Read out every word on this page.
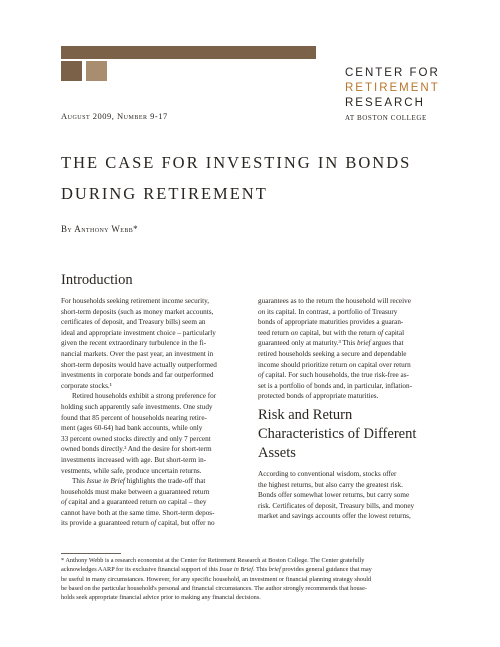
CENTER FOR
RETIREMENT
RESEARCH
AT BOSTON COLLEGE
August 2009, Number 9-17
THE CASE FOR INVESTING IN BONDS
DURING RETIREMENT
By Anthony Webb*
Introduction
For households seeking retirement income security,
short-term deposits (such as money market accounts,
certificates of deposit, and Treasury bills) seem an
ideal and appropriate investment choice – particularly
given the recent extraordinary turbulence in the fi-
nancial markets. Over the past year, an investment in
short-term deposits would have actually outperformed
investments in corporate bonds and far outperformed
corporate stocks.¹
Retired households exhibit a strong preference for
holding such apparently safe investments. One study
found that 85 percent of households nearing retire-
ment (ages 60-64) had bank accounts, while only
33 percent owned stocks directly and only 7 percent
owned bonds directly.² And the desire for short-term
investments increased with age. But short-term in-
vestments, while safe, produce uncertain returns.
This Issue in Brief highlights the trade-off that
households must make between a guaranteed return
of capital and a guaranteed return on capital – they
cannot have both at the same time. Short-term depos-
its provide a guaranteed return of capital, but offer no
guarantees as to the return the household will receive
on its capital. In contrast, a portfolio of Treasury
bonds of appropriate maturities provides a guaran-
teed return on capital, but with the return of capital
guaranteed only at maturity.³ This brief argues that
retired households seeking a secure and dependable
income should prioritize return on capital over return
of capital. For such households, the true risk-free as-
set is a portfolio of bonds and, in particular, inflation-
protected bonds of appropriate maturities.
Risk and Return
Characteristics of Different
Assets
According to conventional wisdom, stocks offer
the highest returns, but also carry the greatest risk.
Bonds offer somewhat lower returns, but carry some
risk. Certificates of deposit, Treasury bills, and money
market and savings accounts offer the lowest returns,
* Anthony Webb is a research economist at the Center for Retirement Research at Boston College. The Center gratefully
acknowledges AARP for its exclusive financial support of this Issue in Brief. This brief provides general guidance that may
be useful in many circumstances. However, for any specific household, an investment or financial planning strategy should
be based on the particular household's personal and financial circumstances. The author strongly recommends that house-
holds seek appropriate financial advice prior to making any financial decisions.
